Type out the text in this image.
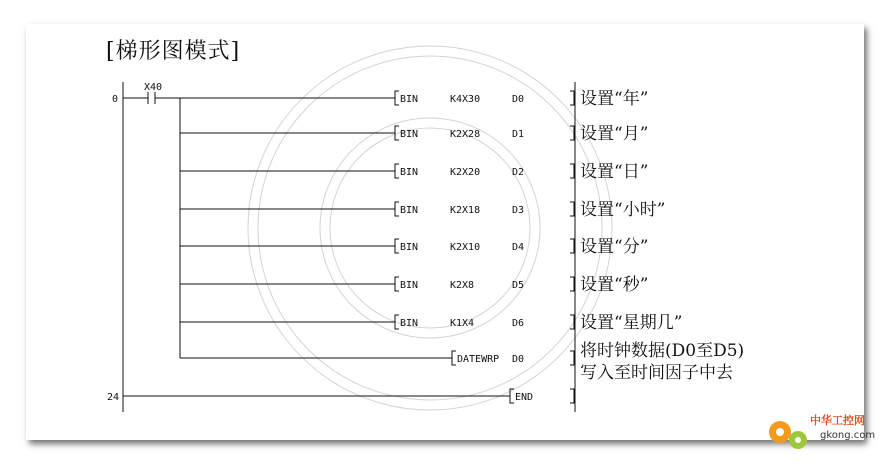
[梯形图模式]
0
24
X40
BIN	K4X30	D0	设置“年”
BIN	K2X28	D1	设置“月”
BIN	K2X20	D2	设置“日”
BIN	K2X18	D3	设置“小时”
BIN	K2X10	D4	设置“分”
BIN	K2X8	D5	设置“秒”
BIN	K1X4	D6	设置“星期几”
DATEWRP D0	将时钟数据(D0至D5)
写入至时间因子中去
END
中华工控网
gkong.com
